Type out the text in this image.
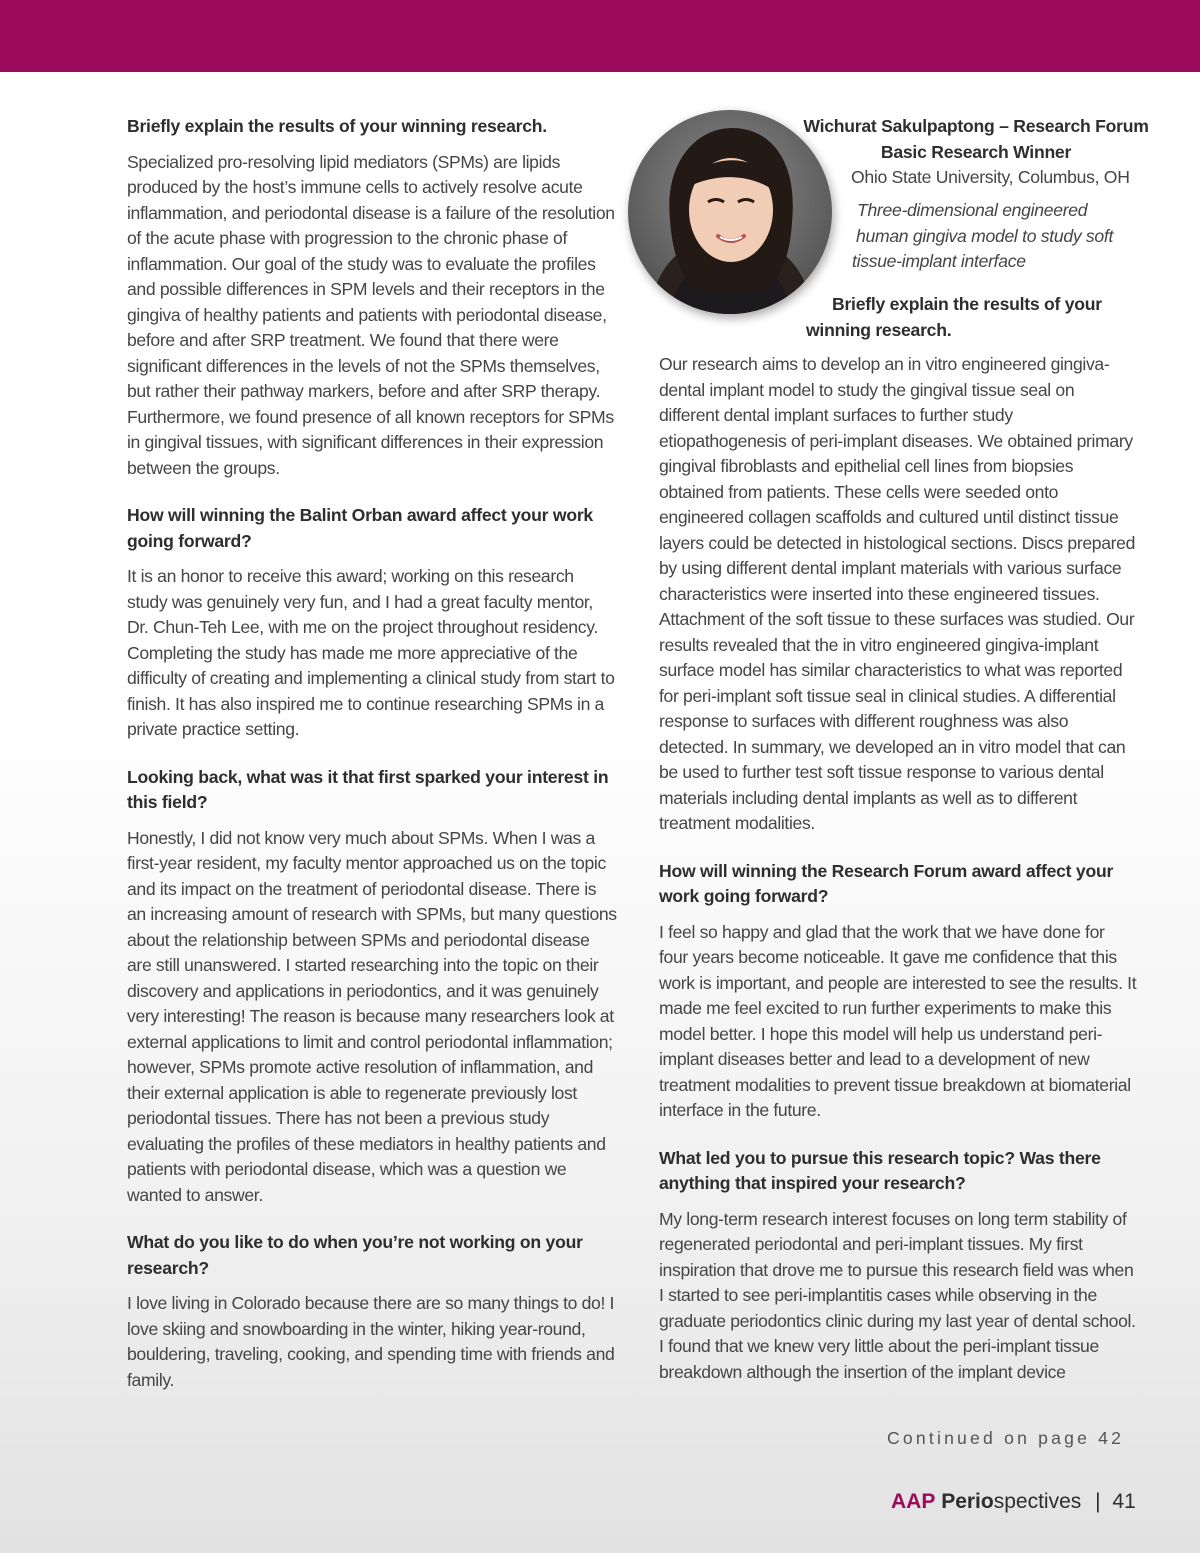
Briefly explain the results of your winning research.

Specialized pro-resolving lipid mediators (SPMs) are lipids produced by the host’s immune cells to actively resolve acute inflammation, and periodontal disease is a failure of the resolution of the acute phase with progression to the chronic phase of inflammation. Our goal of the study was to evaluate the profiles and possible differences in SPM levels and their receptors in the gingiva of healthy patients and patients with periodontal disease, before and after SRP treatment. We found that there were significant differences in the levels of not the SPMs themselves, but rather their pathway markers, before and after SRP therapy. Furthermore, we found presence of all known receptors for SPMs in gingival tissues, with significant differences in their expression between the groups.

How will winning the Balint Orban award affect your work going forward?

It is an honor to receive this award; working on this research study was genuinely very fun, and I had a great faculty mentor, Dr. Chun-Teh Lee, with me on the project throughout residency. Completing the study has made me more appreciative of the difficulty of creating and implementing a clinical study from start to finish. It has also inspired me to continue researching SPMs in a private practice setting.

Looking back, what was it that first sparked your interest in this field?

Honestly, I did not know very much about SPMs. When I was a first-year resident, my faculty mentor approached us on the topic and its impact on the treatment of periodontal disease. There is an increasing amount of research with SPMs, but many questions about the relationship between SPMs and periodontal disease are still unanswered. I started researching into the topic on their discovery and applications in periodontics, and it was genuinely very interesting! The reason is because many researchers look at external applications to limit and control periodontal inflammation; however, SPMs promote active resolution of inflammation, and their external application is able to regenerate previously lost periodontal tissues. There has not been a previous study evaluating the profiles of these mediators in healthy patients and patients with periodontal disease, which was a question we wanted to answer.

What do you like to do when you’re not working on your research?

I love living in Colorado because there are so many things to do! I love skiing and snowboarding in the winter, hiking year-round, bouldering, traveling, cooking, and spending time with friends and family.

Wichurat Sakulpaptong – Research Forum Basic Research Winner

Ohio State University, Columbus, OH

Three-dimensional engineered
human gingiva model to study soft
tissue-implant interface

Briefly explain the results of your
winning research.

Our research aims to develop an in vitro engineered gingiva-dental implant model to study the gingival tissue seal on different dental implant surfaces to further study etiopathogenesis of peri-implant diseases. We obtained primary gingival fibroblasts and epithelial cell lines from biopsies obtained from patients. These cells were seeded onto engineered collagen scaffolds and cultured until distinct tissue layers could be detected in histological sections. Discs prepared by using different dental implant materials with various surface characteristics were inserted into these engineered tissues. Attachment of the soft tissue to these surfaces was studied. Our results revealed that the in vitro engineered gingiva-implant surface model has similar characteristics to what was reported for peri-implant soft tissue seal in clinical studies. A differential response to surfaces with different roughness was also detected. In summary, we developed an in vitro model that can be used to further test soft tissue response to various dental materials including dental implants as well as to different treatment modalities.

How will winning the Research Forum award affect your work going forward?

I feel so happy and glad that the work that we have done for four years become noticeable. It gave me confidence that this work is important, and people are interested to see the results. It made me feel excited to run further experiments to make this model better. I hope this model will help us understand peri-implant diseases better and lead to a development of new treatment modalities to prevent tissue breakdown at biomaterial interface in the future.

What led you to pursue this research topic? Was there anything that inspired your research?

My long-term research interest focuses on long term stability of regenerated periodontal and peri-implant tissues. My first inspiration that drove me to pursue this research field was when I started to see peri-implantitis cases while observing in the graduate periodontics clinic during my last year of dental school. I found that we knew very little about the peri-implant tissue breakdown although the insertion of the implant device

Continued on page 42
AAP Periospectives | 41
